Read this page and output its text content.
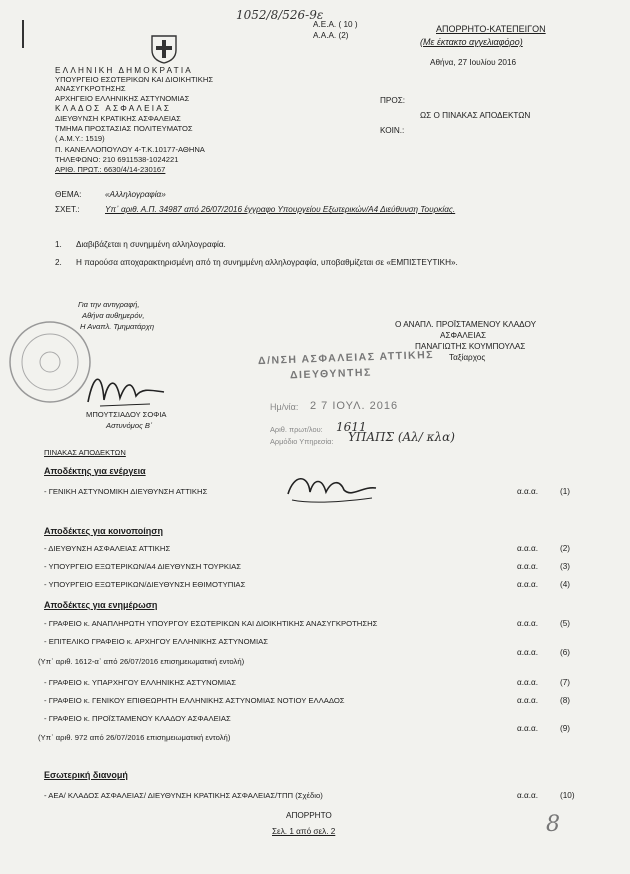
1052/8/526-9ε
Α.Ε.Α. ( 10 )
Α.Α.Α. (2)
ΑΠΟΡΡΗΤΟ-ΚΑΤΕΠΕΙΓΟΝ
(Με έκτακτο αγγελιαφόρο)
Αθήνα, 27 Ιουλίου 2016
ΕΛΛΗΝΙΚΗ ΔΗΜΟΚΡΑΤΙΑ
ΥΠΟΥΡΓΕΙΟ ΕΣΩΤΕΡΙΚΩΝ ΚΑΙ ΔΙΟΙΚΗΤΙΚΗΣ
ΑΝΑΣΥΓΚΡΟΤΗΣΗΣ
ΑΡΧΗΓΕΙΟ ΕΛΛΗΝΙΚΗΣ ΑΣΤΥΝΟΜΙΑΣ
ΚΛΑΔΟΣ ΑΣΦΑΛΕΙΑΣ
ΔΙΕΥΘΥΝΣΗ ΚΡΑΤΙΚΗΣ ΑΣΦΑΛΕΙΑΣ
ΤΜΗΜΑ ΠΡΟΣΤΑΣΙΑΣ ΠΟΛΙΤΕΥΜΑΤΟΣ
( Α.Μ.Υ.: 1519)
Π. ΚΑΝΕΛΛΟΠΟΥΛΟΥ 4-Τ.Κ.10177-ΑΘΗΝΑ
ΤΗΛΕΦΩΝΟ: 210 6911538-1024221
ΑΡΙΘ. ΠΡΩΤ.: 6630/4/14-230167
ΠΡΟΣ:
ΩΣ Ο ΠΙΝΑΚΑΣ ΑΠΟΔΕΚΤΩΝ
ΚΟΙΝ.:
ΘΕΜΑ:	«Αλληλογραφία»
ΣΧΕΤ.:	Υπ᾽ αριθ. Α.Π. 34987 από 26/07/2016 έγγραφο Υπουργείου Εξωτερικών/Α4 Διεύθυνση Τουρκίας.
1. Διαβιβάζεται η συνημμένη αλληλογραφία.
2. Η παρούσα αποχαρακτηρισμένη από τη συνημμένη αλληλογραφία, υποβαθμίζεται σε «ΕΜΠΙΣΤΕΥΤΙΚΗ».
Για την αντιγραφή,
Αθήνα αυθημερόν,
Η Αναπλ. Τμηματάρχη
ΜΠΟΥΤΣΙΑΔΟΥ ΣΟΦΙΑ
Αστυνόμος Β᾽
Ο ΑΝΑΠΛ. ΠΡΟΪΣΤΑΜΕΝΟΥ ΚΛΑΔΟΥ
ΑΣΦΑΛΕΙΑΣ
ΠΑΝΑΓΙΩΤΗΣ ΚΟΥΜΠΟΥΛΑΣ
Ταξίαρχος
Δ/ΝΣΗ ΑΣΦΑΛΕΙΑΣ ΑΤΤΙΚΗΣ
ΔΙΕΥΘΥΝΤΗΣ
Ημ/νία: 2 7 ΙΟΥΛ. 2016
Αριθ. πρωτ/λου: 1611
Αρμόδιο Υπηρεσία: ΥΠΑΠΣ (Αλ/ κλα)
ΠΙΝΑΚΑΣ ΑΠΟΔΕΚΤΩΝ
Αποδέκτης για ενέργεια
- ΓΕΝΙΚΗ ΑΣΤΥΝΟΜΙΚΗ ΔΙΕΥΘΥΝΣΗ ΑΤΤΙΚΗΣ	α.α.α.	(1)
Αποδέκτες για κοινοποίηση
- ΔΙΕΥΘΥΝΣΗ ΑΣΦΑΛΕΙΑΣ ΑΤΤΙΚΗΣ	α.α.α.	(2)
- ΥΠΟΥΡΓΕΙΟ ΕΞΩΤΕΡΙΚΩΝ/Α4 ΔΙΕΥΘΥΝΣΗ ΤΟΥΡΚΙΑΣ	α.α.α.	(3)
- ΥΠΟΥΡΓΕΙΟ ΕΞΩΤΕΡΙΚΩΝ/ΔΙΕΥΘΥΝΣΗ ΕΘΙΜΟΤΥΠΙΑΣ	α.α.α.	(4)
Αποδέκτες για ενημέρωση
- ΓΡΑΦΕΙΟ κ. ΑΝΑΠΛΗΡΩΤΗ ΥΠΟΥΡΓΟΥ ΕΣΩΤΕΡΙΚΩΝ ΚΑΙ ΔΙΟΙΚΗΤΙΚΗΣ ΑΝΑΣΥΓΚΡΟΤΗΣΗΣ	α.α.α.	(5)
- ΕΠΙΤΕΛΙΚΟ ΓΡΑΦΕΙΟ κ. ΑΡΧΗΓΟΥ ΕΛΛΗΝΙΚΗΣ ΑΣΤΥΝΟΜΙΑΣ
α.α.α.	(6)
(Υπ᾽ αριθ. 1612-α᾽ από 26/07/2016 επισημειωματική εντολή)
- ΓΡΑΦΕΙΟ κ. ΥΠΑΡΧΗΓΟΥ ΕΛΛΗΝΙΚΗΣ ΑΣΤΥΝΟΜΙΑΣ	α.α.α.	(7)
- ΓΡΑΦΕΙΟ κ. ΓΕΝΙΚΟΥ ΕΠΙΘΕΩΡΗΤΗ ΕΛΛΗΝΙΚΗΣ ΑΣΤΥΝΟΜΙΑΣ ΝΟΤΙΟΥ ΕΛΛΑΔΟΣ	α.α.α.	(8)
- ΓΡΑΦΕΙΟ κ. ΠΡΟΪΣΤΑΜΕΝΟΥ ΚΛΑΔΟΥ ΑΣΦΑΛΕΙΑΣ
α.α.α.	(9)
(Υπ᾽ αριθ. 972 από 26/07/2016 επισημειωματική εντολή)
Εσωτερική διανομή
- ΑΕΑ/ ΚΛΑΔΟΣ ΑΣΦΑΛΕΙΑΣ/ ΔΙΕΥΘΥΝΣΗ ΚΡΑΤΙΚΗΣ ΑΣΦΑΛΕΙΑΣ/ΤΠΠ (Σχέδιο)	α.α.α.	(10)
ΑΠΟΡΡΗΤΟ
Σελ. 1 από σελ. 2	8
